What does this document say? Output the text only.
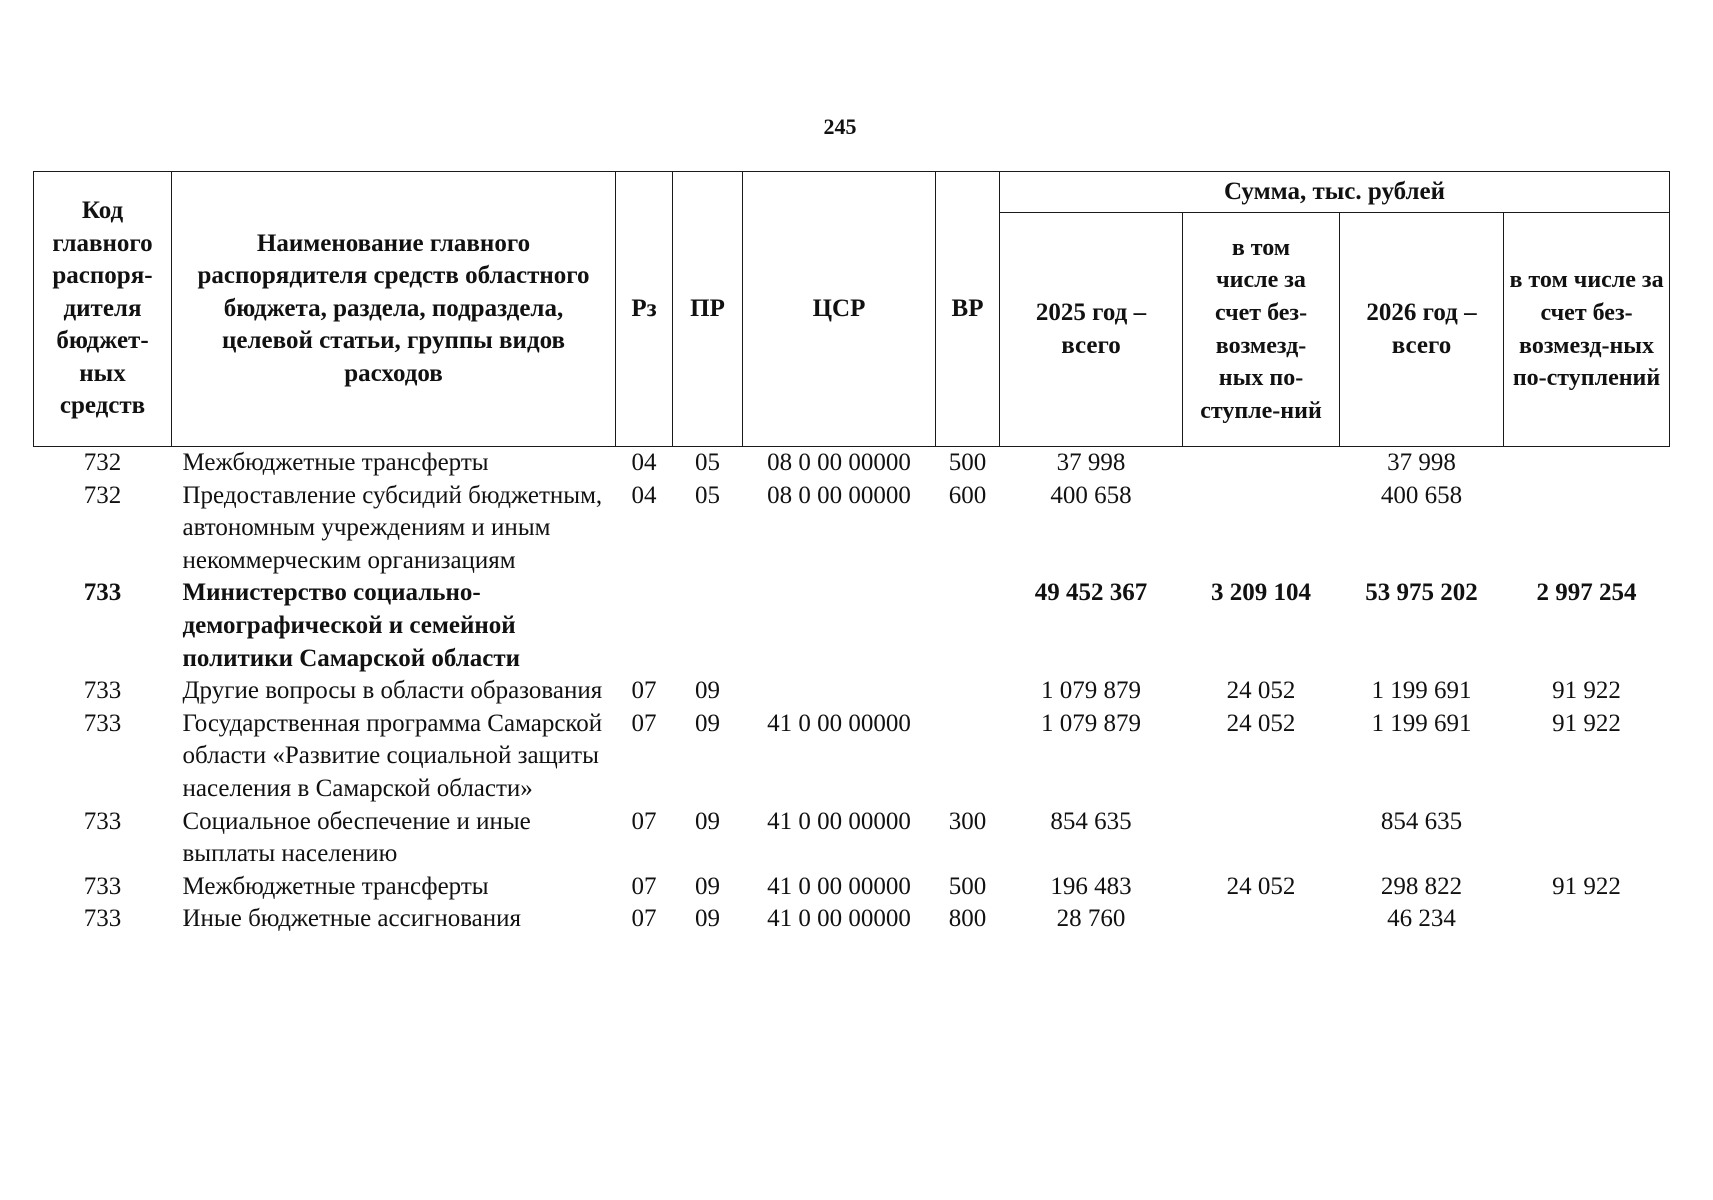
245
Код главного распоря-дителя бюджет-ных средств	Наименование главного распорядителя средств областного бюджета, раздела, подраздела, целевой статьи, группы видов расходов	Рз	ПР	ЦСР	ВР	Сумма, тыс. рублей			
						2025 год – всего	в том числе за счет без-возмезд-ных по-ступле-ний	2026 год – всего	в том числе за счет без-возмезд-ных по-ступлений
732	Межбюджетные трансферты	04	05	08 0 00 00000	500	37 998		37 998	
732	Предоставление субсидий бюджетным, автономным учреждениям и иным некоммерческим организациям	04	05	08 0 00 00000	600	400 658		400 658	
733	Министерство социально-демографической и семейной политики Самарской области					49 452 367	3 209 104	53 975 202	2 997 254
733	Другие вопросы в области образования	07	09			1 079 879	24 052	1 199 691	91 922
733	Государственная программа Самарской области «Развитие социальной защиты населения в Самарской области»	07	09	41 0 00 00000		1 079 879	24 052	1 199 691	91 922
733	Социальное обеспечение и иные выплаты населению	07	09	41 0 00 00000	300	854 635		854 635	
733	Межбюджетные трансферты	07	09	41 0 00 00000	500	196 483	24 052	298 822	91 922
733	Иные бюджетные ассигнования	07	09	41 0 00 00000	800	28 760		46 234	
